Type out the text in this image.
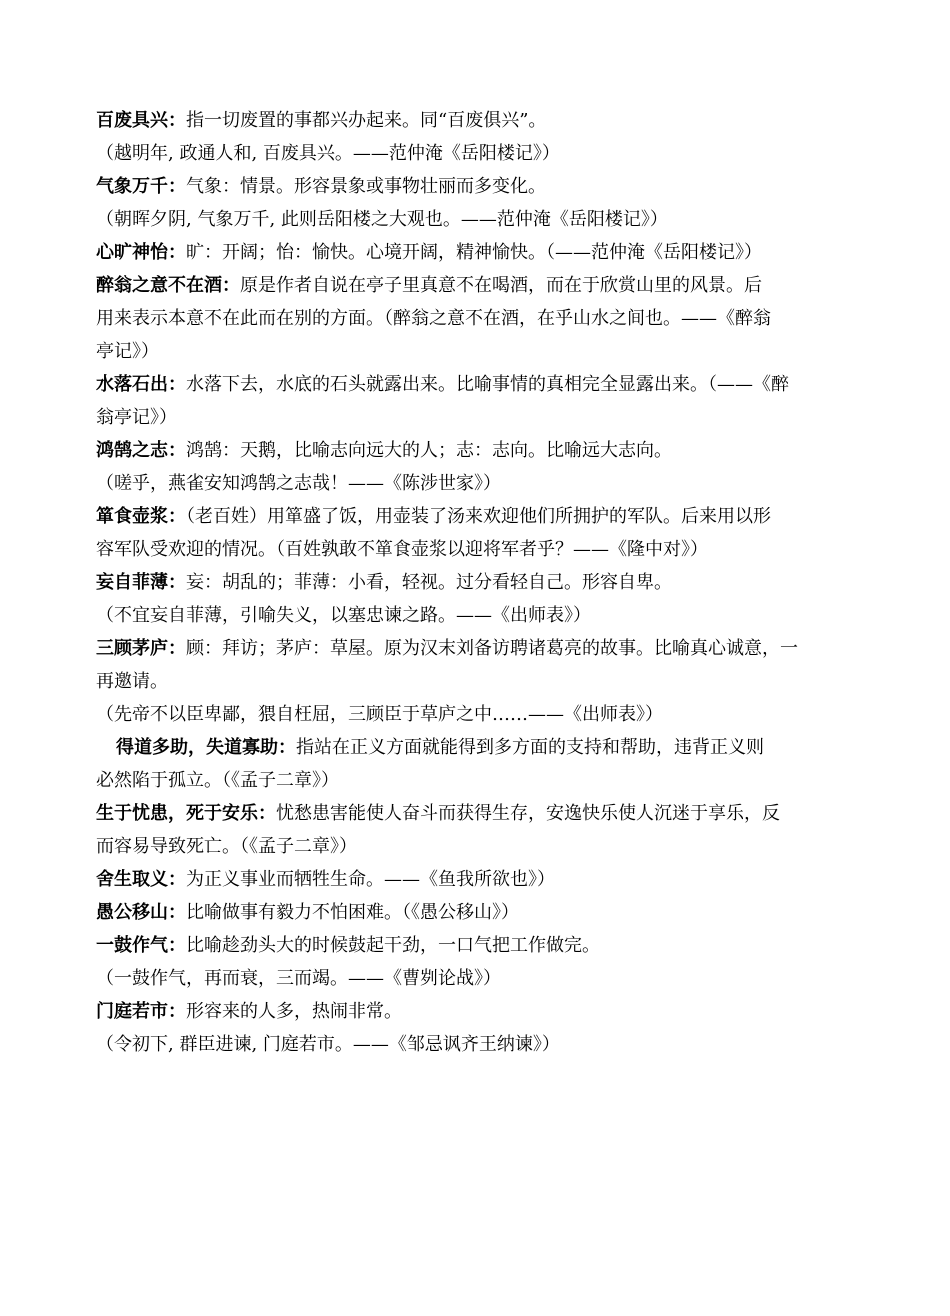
百废具兴：指一切废置的事都兴办起来。同“百废俱兴”。
（越明年, 政通人和, 百废具兴。——范仲淹《岳阳楼记》）
气象万千：气象：情景。形容景象或事物壮丽而多变化。
（朝晖夕阴, 气象万千, 此则岳阳楼之大观也。——范仲淹《岳阳楼记》）
心旷神怡：旷：开阔；怡：愉快。心境开阔，精神愉快。（——范仲淹《岳阳楼记》）
醉翁之意不在酒：原是作者自说在亭子里真意不在喝酒，而在于欣赏山里的风景。后
用来表示本意不在此而在别的方面。（醉翁之意不在酒，在乎山水之间也。——《醉翁
亭记》）
水落石出：水落下去，水底的石头就露出来。比喻事情的真相完全显露出来。（——《醉
翁亭记》）
鸿鹄之志：鸿鹄：天鹅，比喻志向远大的人；志：志向。比喻远大志向。
（嗟乎，燕雀安知鸿鹄之志哉！——《陈涉世家》）
箪食壶浆：（老百姓）用箪盛了饭，用壶装了汤来欢迎他们所拥护的军队。后来用以形
容军队受欢迎的情况。（百姓孰敢不箪食壶浆以迎将军者乎？——《隆中对》）
妄自菲薄：妄：胡乱的；菲薄：小看，轻视。过分看轻自己。形容自卑。
（不宜妄自菲薄，引喻失义，以塞忠谏之路。——《出师表》）
三顾茅庐：顾：拜访；茅庐：草屋。原为汉末刘备访聘诸葛亮的故事。比喻真心诚意，一
再邀请。
（先帝不以臣卑鄙，猥自枉屈，三顾臣于草庐之中……——《出师表》）
得道多助，失道寡助：指站在正义方面就能得到多方面的支持和帮助，违背正义则
必然陷于孤立。（《孟子二章》）
生于忧患，死于安乐：忧愁患害能使人奋斗而获得生存，安逸快乐使人沉迷于享乐，反
而容易导致死亡。（《孟子二章》）
舍生取义：为正义事业而牺牲生命。——《鱼我所欲也》）
愚公移山：比喻做事有毅力不怕困难。（《愚公移山》）
一鼓作气：比喻趁劲头大的时候鼓起干劲，一口气把工作做完。
（一鼓作气，再而衰，三而竭。——《曹刿论战》）
门庭若市：形容来的人多，热闹非常。
（令初下, 群臣进谏, 门庭若市。——《邹忌讽齐王纳谏》）
